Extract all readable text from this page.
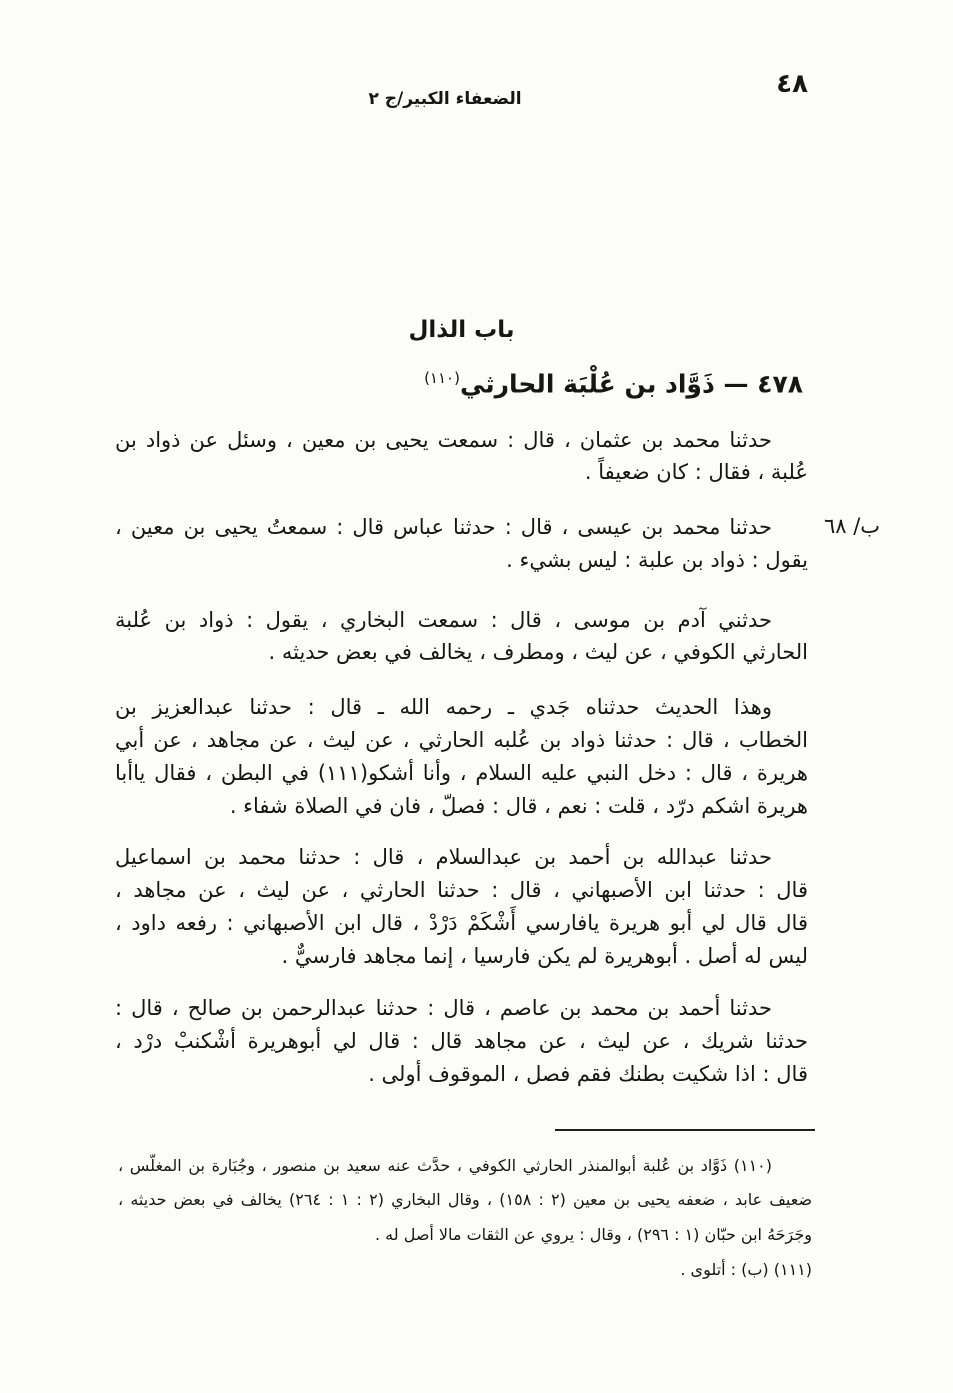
٤٨
الضعفاء الكبير/ج ٢
باب الذال
٤٧٨ — ذَوَّاد بن عُلْبَة الحارثي$^{(١١٠)}$
٦٨ /ب
حدثنا محمد بن عثمان ، قال : سمعت يحيى بن معين ، وسئل عن ذواد بن
عُلبة ، فقال : كان ضعيفاً .
حدثنا محمد بن عيسى ، قال : حدثنا عباس قال : سمعتُ يحيى بن معين ،
يقول : ذواد بن علبة : ليس بشيء .
حدثني آدم بن موسى ، قال : سمعت البخاري ، يقول : ذواد بن عُلبة
الحارثي الكوفي ، عن ليث ، ومطرف ، يخالف في بعض حديثه .
وهذا الحديث حدثناه جَدي ـ رحمه الله ـ قال : حدثنا عبدالعزيز بن
الخطاب ، قال : حدثنا ذواد بن عُلبه الحارثي ، عن ليث ، عن مجاهد ، عن أبي
هريرة ، قال : دخل النبي عليه السلام ، وأنا أشكو(١١١) في البطن ، فقال ياأبا
هريرة اشكم درّد ، قلت : نعم ، قال : فصلّ ، فان في الصلاة شفاء .
حدثنا عبدالله بن أحمد بن عبدالسلام ، قال : حدثنا محمد بن اسماعيل
قال : حدثنا ابن الأصبهاني ، قال : حدثنا الحارثي ، عن ليث ، عن مجاهد ،
قال قال لي أبو هريرة يافارسي أَشْكَمْ دَرْدْ ، قال ابن الأصبهاني : رفعه داود ،
ليس له أصل . أبوهريرة لم يكن فارسيا ، إنما مجاهد فارسيٌّ .
حدثنا أحمد بن محمد بن عاصم ، قال : حدثنا عبدالرحمن بن صالح ، قال :
حدثنا شريك ، عن ليث ، عن مجاهد قال : قال لي أبوهريرة أشْكنبْ درْد ،
قال : اذا شكيت بطنك فقم فصل ، الموقوف أولى .
(١١٠) ذَوَّاد بن عُلبة أبوالمنذر الحارثي الكوفي ، حدَّث عنه سعيد بن منصور ، وجُبَارة بن المغلّس ،
ضعيف عابد ، ضعفه يحيى بن معين (٢ : ١٥٨) ، وقال البخاري (٢ : ١ : ٢٦٤) يخالف في بعض حديثه ،
وجَرَحَهُ ابن حبّان (١ : ٢٩٦) ، وقال : يروي عن الثقات مالا أصل له .
(١١١) (ب) : أتلوى .
